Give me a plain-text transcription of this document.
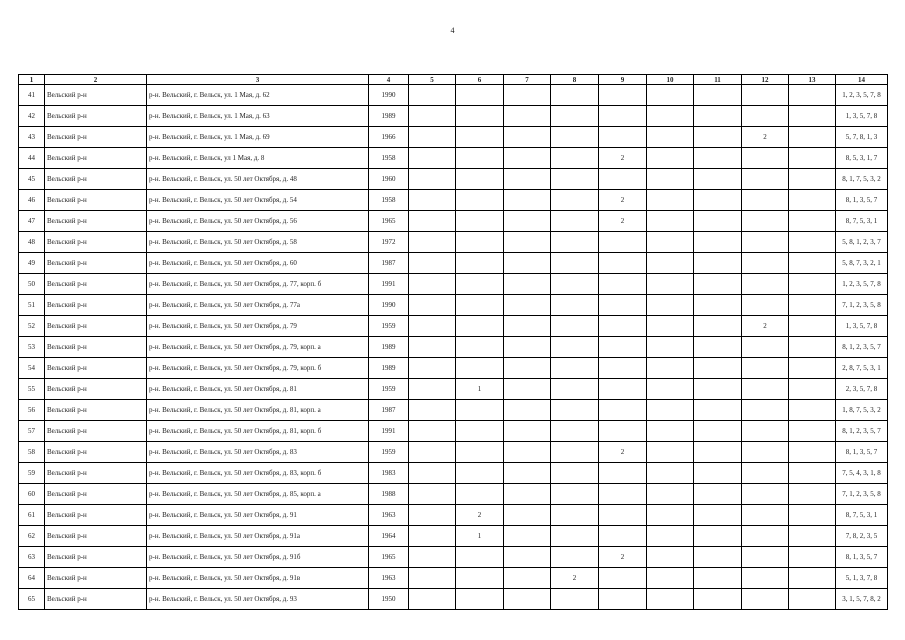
4
1	2	3	4	5	6	7	8	9	10	11	12	13	14
41	Вельский р-н	р-н. Вельский, г. Вельск, ул. 1 Мая, д. 62	1990										1, 2, 3, 5, 7, 8
42	Вельский р-н	р-н. Вельский, г. Вельск, ул. 1 Мая, д. 63	1989										1, 3, 5, 7, 8
43	Вельский р-н	р-н. Вельский, г. Вельск, ул. 1 Мая, д. 69	1966								2		5, 7, 8, 1, 3
44	Вельский р-н	р-н. Вельский, г. Вельск, ул 1 Мая, д. 8	1958					2					8, 5, 3, 1, 7
45	Вельский р-н	р-н. Вельский, г. Вельск, ул. 50 лет Октября, д. 48	1960										8, 1, 7, 5, 3, 2
46	Вельский р-н	р-н. Вельский, г. Вельск, ул. 50 лет Октября, д. 54	1958					2					8, 1, 3, 5, 7
47	Вельский р-н	р-н. Вельский, г. Вельск, ул. 50 лет Октября, д. 56	1965					2					8, 7, 5, 3, 1
48	Вельский р-н	р-н. Вельский, г. Вельск, ул. 50 лет Октября, д. 58	1972										5, 8, 1, 2, 3, 7
49	Вельский р-н	р-н. Вельский, г. Вельск, ул. 50 лет Октября, д. 60	1987										5, 8, 7, 3, 2, 1
50	Вельский р-н	р-н. Вельский, г. Вельск, ул. 50 лет Октября, д. 77, корп. б	1991										1, 2, 3, 5, 7, 8
51	Вельский р-н	р-н. Вельский, г. Вельск, ул. 50 лет Октября, д. 77а	1990										7, 1, 2, 3, 5, 8
52	Вельский р-н	р-н. Вельский, г. Вельск, ул. 50 лет Октября, д. 79	1959								2		1, 3, 5, 7, 8
53	Вельский р-н	р-н. Вельский, г. Вельск, ул. 50 лет Октября, д. 79, корп. а	1989										8, 1, 2, 3, 5, 7
54	Вельский р-н	р-н. Вельский, г. Вельск, ул. 50 лет Октября, д. 79, корп. б	1989										2, 8, 7, 5, 3, 1
55	Вельский р-н	р-н. Вельский, г. Вельск, ул. 50 лет Октября, д. 81	1959		1								2, 3, 5, 7, 8
56	Вельский р-н	р-н. Вельский, г. Вельск, ул. 50 лет Октября, д. 81, корп. а	1987										1, 8, 7, 5, 3, 2
57	Вельский р-н	р-н. Вельский, г. Вельск, ул. 50 лет Октября, д. 81, корп. б	1991										8, 1, 2, 3, 5, 7
58	Вельский р-н	р-н. Вельский, г. Вельск, ул. 50 лет Октября, д. 83	1959					2					8, 1, 3, 5, 7
59	Вельский р-н	р-н. Вельский, г. Вельск, ул. 50 лет Октября, д. 83, корп. б	1983										7, 5, 4, 3, 1, 8
60	Вельский р-н	р-н. Вельский, г. Вельск, ул. 50 лет Октября, д. 85, корп. а	1988										7, 1, 2, 3, 5, 8
61	Вельский р-н	р-н. Вельский, г. Вельск, ул. 50 лет Октября, д. 91	1963		2								8, 7, 5, 3, 1
62	Вельский р-н	р-н. Вельский, г. Вельск, ул. 50 лет Октября, д. 91а	1964		1								7, 8, 2, 3, 5
63	Вельский р-н	р-н. Вельский, г. Вельск, ул. 50 лет Октября, д. 91б	1965					2					8, 1, 3, 5, 7
64	Вельский р-н	р-н. Вельский, г. Вельск, ул. 50 лет Октября, д. 91в	1963				2						5, 1, 3, 7, 8
65	Вельский р-н	р-н. Вельский, г. Вельск, ул. 50 лет Октября, д. 93	1950										3, 1, 5, 7, 8, 2
